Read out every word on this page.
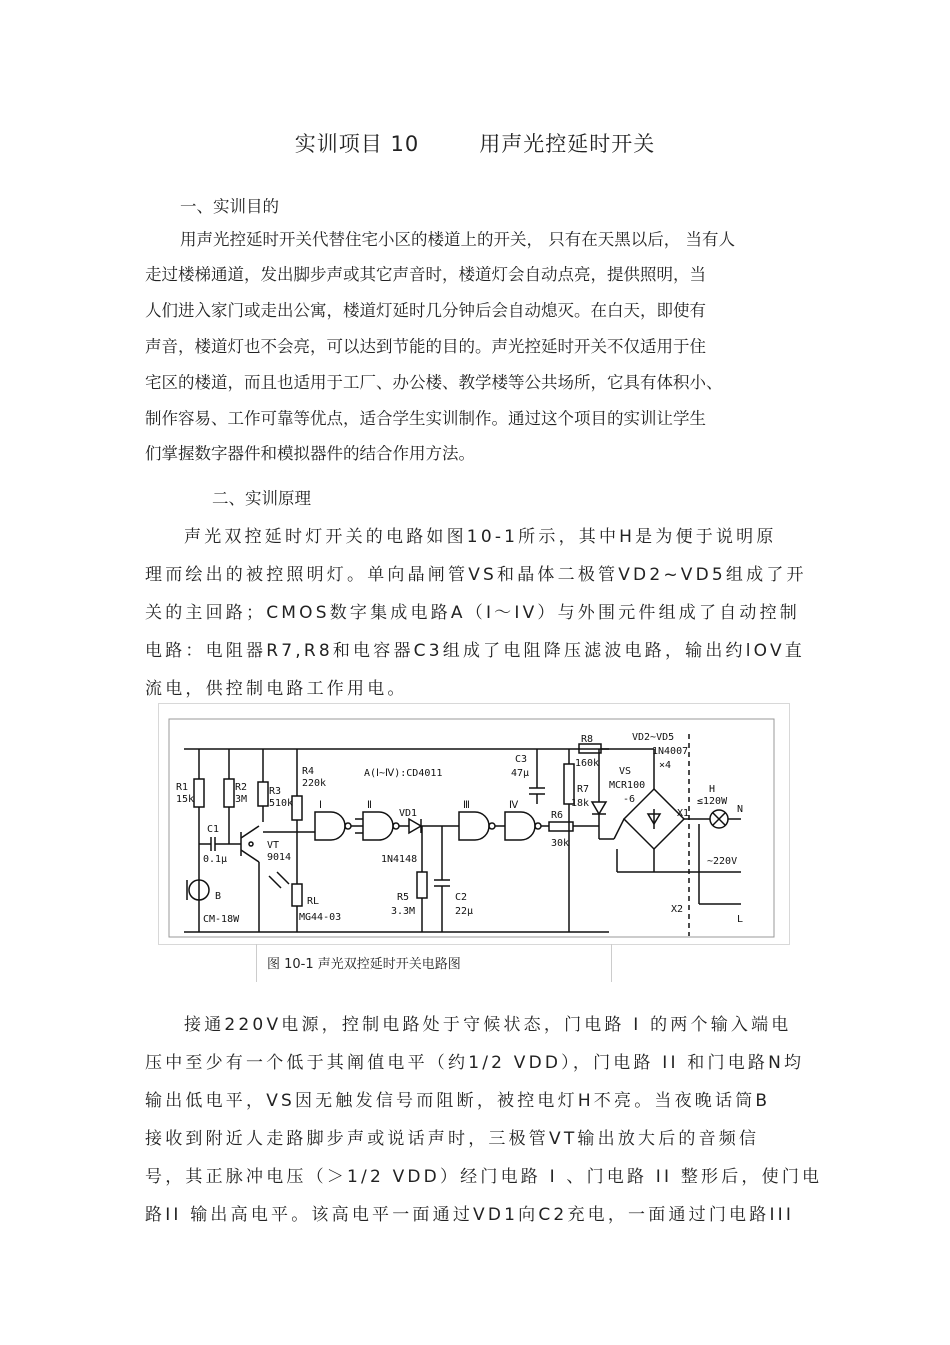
实训项目 10	用声光控延时开关
一、实训目的
用声光控延时开关代替住宅小区的楼道上的开关， 只有在天黑以后， 当有人
走过楼梯通道，发出脚步声或其它声音时，楼道灯会自动点亮，提供照明，当
人们进入家门或走出公寓，楼道灯延时几分钟后会自动熄灭。在白天，即使有
声音，楼道灯也不会亮，可以达到节能的目的。声光控延时开关不仅适用于住
宅区的楼道，而且也适用于工厂、办公楼、教学楼等公共场所，它具有体积小、
制作容易、工作可靠等优点，适合学生实训制作。通过这个项目的实训让学生
们掌握数字器件和模拟器件的结合作用方法。
二、实训原理
声光双控延时灯开关的电路如图10-1所示，其中H是为便于说明原
理而绘出的被控照明灯。单向晶闸管VS和晶体二极管VD2~VD5组成了开
关的主回路；CMOS数字集成电路A（I～IV）与外围元件组成了自动控制
电路：电阻器R7,R8和电容器C3组成了电阻降压滤波电路，输出约lOV直
流电，供控制电路工作用电。
A(Ⅰ~Ⅳ):CD4011
R1
15k
R2
3M
R3
510k
R4
220k
C1
0.1μ
VT
9014
B
CM-18W
RL
MG44-03
Ⅰ	Ⅱ	Ⅲ	Ⅳ
VD1
1N4148
R5
3.3M
C2
22μ
R6
30k
C3
47μ
R8
160k
R7
18k
VS
MCR100
-6
VD2~VD5
1N4007
×4
H
≤120W
X1
X2
N
L
~220V
图 10-1 声光双控延时开关电路图
接通220V电源，控制电路处于守候状态，门电路 I 的两个输入端电
压中至少有一个低于其阐值电平（约1/2 VDD），门电路 II 和门电路N均
输出低电平，VS因无触发信号而阻断，被控电灯H不亮。当夜晚话筒B
接收到附近人走路脚步声或说话声时，三极管VT输出放大后的音频信
号，其正脉冲电压（＞1/2 VDD）经门电路 I 、门电路 II 整形后，使门电
路II 输出高电平。该高电平一面通过VD1向C2充电，一面通过门电路III
